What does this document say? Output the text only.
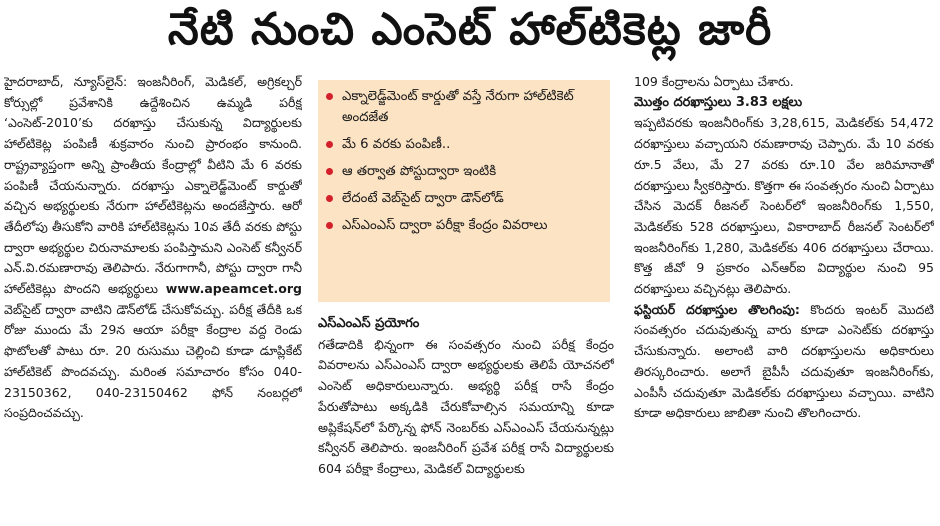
నేటి నుంచి ఎంసెట్ హాల్‌టికెట్ల జారీ

హైదరాబాద్, న్యూస్‌లైన్: ఇంజనీరింగ్, మెడికల్, అగ్రికల్చర్ కోర్సుల్లో ప్రవేశానికి ఉద్దేశించిన ఉమ్మడి పరీక్ష ‘ఎంసెట్-2010’కు దరఖాస్తు చేసుకున్న విద్యార్థులకు హాల్‌టికెట్ల పంపిణీ శుక్రవారం నుంచి ప్రారంభం కానుంది. రాష్ట్రవ్యాప్తంగా అన్ని ప్రాంతీయ కేంద్రాల్లో వీటిని మే 6 వరకు పంపిణీ చేయనున్నారు. దరఖాస్తు ఎక్నాలెడ్జ్‌మెంట్ కార్డుతో వచ్చిన అభ్యర్థులకు నేరుగా హాల్‌టికెట్లను అందజేస్తారు. ఆరో తేదీలోపు తీసుకోని వారికి హాల్‌టికెట్లను 10వ తేదీ వరకు పోస్టు ద్వారా అభ్యర్థుల చిరునామాలకు పంపిస్తామని ఎంసెట్ కన్వీనర్ ఎన్.వి.రమణారావు తెలిపారు. నేరుగాగానీ, పోస్టు ద్వారా గానీ హాల్‌టికెట్లు పొందని అభ్యర్థులు www.apeamcet.org వెబ్‌సైట్ ద్వారా వాటిని డౌన్‌లోడ్ చేసుకోవచ్చు. పరీక్ష తేదీకి ఒక రోజు ముందు మే 29న ఆయా పరీక్షా కేంద్రాల వద్ద రెండు ఫొటోలతో పాటు రూ. 20 రుసుము చెల్లించి కూడా డూప్లికేట్ హాల్‌టికెట్ పొందవచ్చు. మరింత సమాచారం కోసం 040-23150362, 040-23150462 ఫోన్ నంబర్లలో సంప్రదించవచ్చు.

ఎక్నాలెడ్జ్‌మెంట్ కార్డుతో వస్తే నేరుగా హాల్‌టికెట్ అందజేత
మే 6 వరకు పంపిణీ..
ఆ తర్వాత పోస్టుద్వారా ఇంటికి
లేదంటే వెబ్‌సైట్ ద్వారా డౌన్‌లోడ్
ఎస్ఎంఎస్ ద్వారా పరీక్షా కేంద్రం వివరాలు

ఎస్ఎంఎస్ ప్రయోగం

గతేడాదికి భిన్నంగా ఈ సంవత్సరం నుంచి పరీక్ష కేంద్రం వివరాలను ఎస్ఎంఎస్ ద్వారా అభ్యర్థులకు తెలిపే యోచనలో ఎంసెట్ అధికారులున్నారు. అభ్యర్థి పరీక్ష రాసే కేంద్రం పేరుతోపాటు అక్కడికి చేరుకోవాల్సిన సమయాన్ని కూడా అప్లికేషన్‌లో పేర్కొన్న ఫోన్ నెంబర్‌కు ఎస్ఎంఎస్ చేయనున్నట్లు కన్వీనర్ తెలిపారు. ఇంజనీరింగ్ ప్రవేశ పరీక్ష రాసే విద్యార్థులకు 604 పరీక్షా కేంద్రాలు, మెడికల్ విద్యార్థులకు

109 కేంద్రాలను ఏర్పాటు చేశారు.

మొత్తం దరఖాస్తులు 3.83 లక్షలు

ఇప్పటివరకు ఇంజనీరింగ్‌కు 3,28,615, మెడికల్‌కు 54,472 దరఖాస్తులు వచ్చాయని రమణారావు చెప్పారు. మే 10 వరకు రూ.5 వేలు, మే 27 వరకు రూ.10 వేల జరిమానాతో దరఖాస్తులు స్వీకరిస్తారు. కొత్తగా ఈ సంవత్సరం నుంచి ఏర్పాటు చేసిన మెదక్ రీజనల్ సెంటర్‌లో ఇంజనీరింగ్‌కు 1,550, మెడికల్‌కు 528 దరఖాస్తులు, వికారాబాద్ రీజనల్ సెంటర్‌లో ఇంజనీరింగ్‌కు 1,280, మెడికల్‌కు 406 దరఖాస్తులు చేరాయి. కొత్త జీవో 9 ప్రకారం ఎన్ఆర్ఐ విద్యార్థుల నుంచి 95 దరఖాస్తులు వచ్చినట్లు తెలిపారు.

ఫస్టియర్ దరఖాస్తుల తొలగింపు: కొందరు ఇంటర్ మొదటి సంవత్సరం చదువుతున్న వారు కూడా ఎంసెట్‌కు దరఖాస్తు చేసుకున్నారు. అలాంటి వారి దరఖాస్తులను అధికారులు తిరస్కరించారు. అలాగే బైపీసీ చదువుతూ ఇంజనీరింగ్‌కు, ఎంపీసీ చదువుతూ మెడికల్‌కు దరఖాస్తులు వచ్చాయి. వాటిని కూడా అధికారులు జాబితా నుంచి తొలగించారు.
